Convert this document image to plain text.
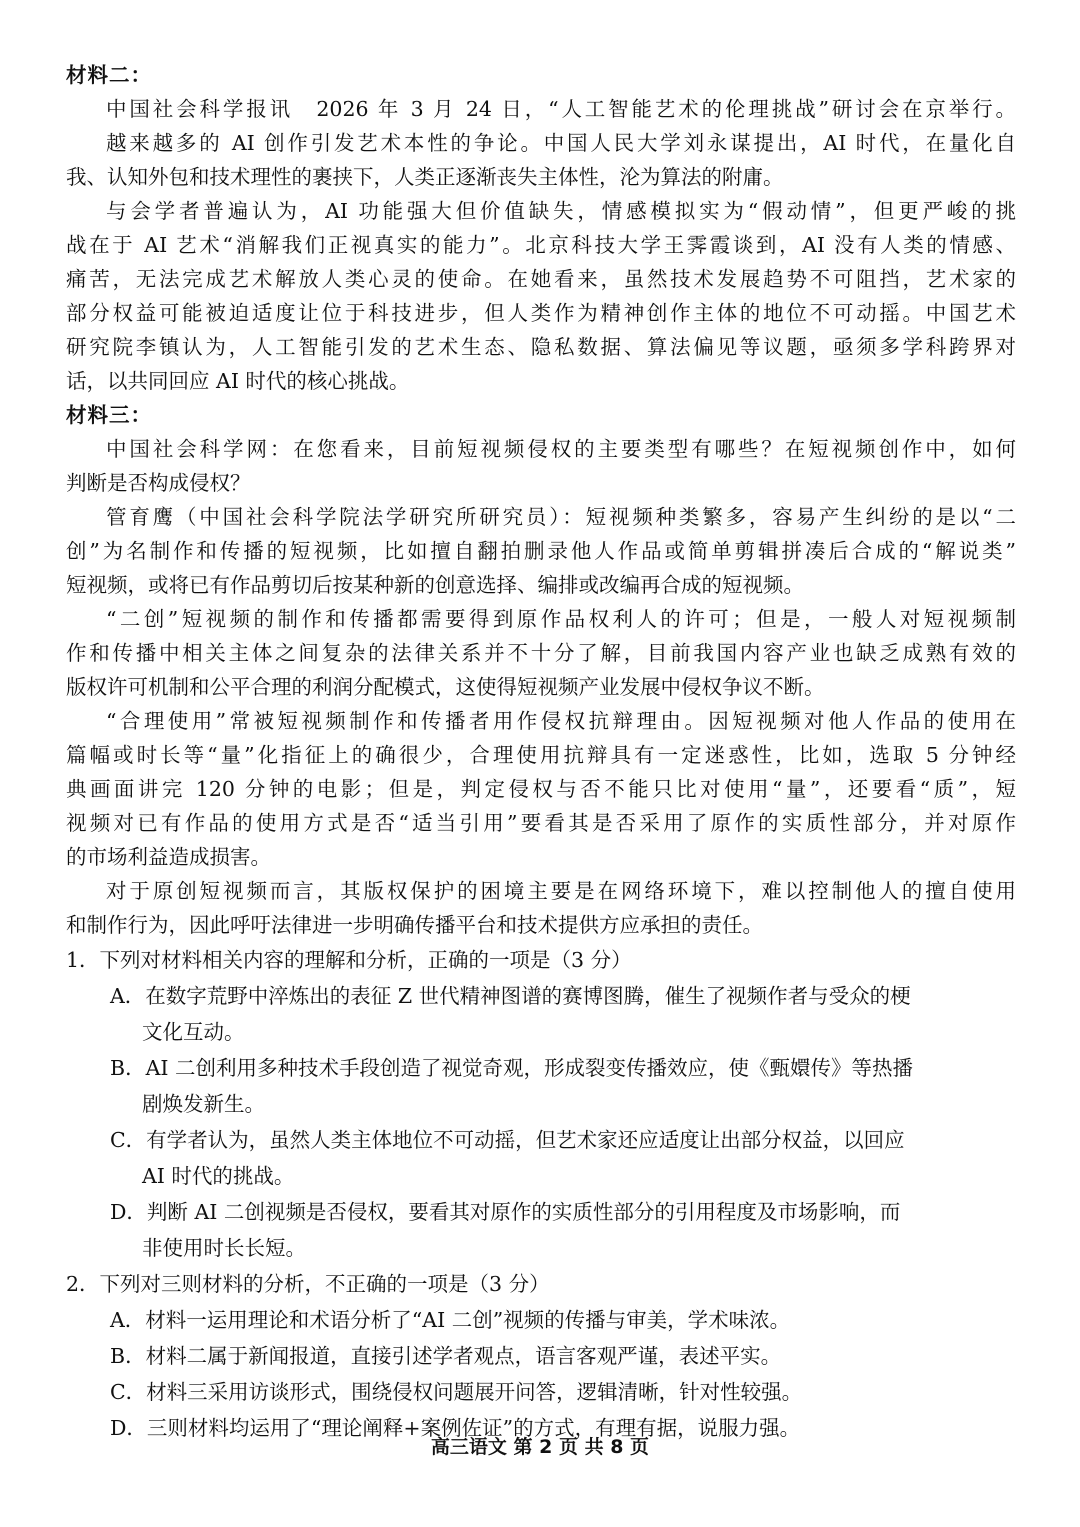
材料二：
中国社会科学报讯　2026 年 3 月 24 日，“人工智能艺术的伦理挑战”研讨会在京举行。
越来越多的 AI 创作引发艺术本性的争论。中国人民大学刘永谋提出，AI 时代，在量化自
我、认知外包和技术理性的裹挟下，人类正逐渐丧失主体性，沦为算法的附庸。
与会学者普遍认为，AI 功能强大但价值缺失，情感模拟实为“假动情”，但更严峻的挑
战在于 AI 艺术“消解我们正视真实的能力”。北京科技大学王霁霞谈到，AI 没有人类的情感、
痛苦，无法完成艺术解放人类心灵的使命。在她看来，虽然技术发展趋势不可阻挡，艺术家的
部分权益可能被迫适度让位于科技进步，但人类作为精神创作主体的地位不可动摇。中国艺术
研究院李镇认为，人工智能引发的艺术生态、隐私数据、算法偏见等议题，亟须多学科跨界对
话，以共同回应 AI 时代的核心挑战。
材料三：
中国社会科学网：在您看来，目前短视频侵权的主要类型有哪些？在短视频创作中，如何
判断是否构成侵权？
管育鹰（中国社会科学院法学研究所研究员）：短视频种类繁多，容易产生纠纷的是以“二
创”为名制作和传播的短视频，比如擅自翻拍删录他人作品或简单剪辑拼凑后合成的“解说类”
短视频，或将已有作品剪切后按某种新的创意选择、编排或改编再合成的短视频。
“二创”短视频的制作和传播都需要得到原作品权利人的许可；但是，一般人对短视频制
作和传播中相关主体之间复杂的法律关系并不十分了解，目前我国内容产业也缺乏成熟有效的
版权许可机制和公平合理的利润分配模式，这使得短视频产业发展中侵权争议不断。
“合理使用”常被短视频制作和传播者用作侵权抗辩理由。因短视频对他人作品的使用在
篇幅或时长等“量”化指征上的确很少，合理使用抗辩具有一定迷惑性，比如，选取 5 分钟经
典画面讲完 120 分钟的电影；但是，判定侵权与否不能只比对使用“量”，还要看“质”，短
视频对已有作品的使用方式是否“适当引用”要看其是否采用了原作的实质性部分，并对原作
的市场利益造成损害。
对于原创短视频而言，其版权保护的困境主要是在网络环境下，难以控制他人的擅自使用
和制作行为，因此呼吁法律进一步明确传播平台和技术提供方应承担的责任。
1．下列对材料相关内容的理解和分析，正确的一项是（3 分）
A．在数字荒野中淬炼出的表征 Z 世代精神图谱的赛博图腾，催生了视频作者与受众的梗
文化互动。
B．AI 二创利用多种技术手段创造了视觉奇观，形成裂变传播效应，使《甄嬛传》等热播
剧焕发新生。
C．有学者认为，虽然人类主体地位不可动摇，但艺术家还应适度让出部分权益，以回应
AI 时代的挑战。
D．判断 AI 二创视频是否侵权，要看其对原作的实质性部分的引用程度及市场影响，而
非使用时长长短。
2．下列对三则材料的分析，不正确的一项是（3 分）
A．材料一运用理论和术语分析了“AI 二创”视频的传播与审美，学术味浓。
B．材料二属于新闻报道，直接引述学者观点，语言客观严谨，表述平实。
C．材料三采用访谈形式，围绕侵权问题展开问答，逻辑清晰，针对性较强。
D．三则材料均运用了“理论阐释+案例佐证”的方式，有理有据，说服力强。
高三语文 第 2 页 共 8 页
